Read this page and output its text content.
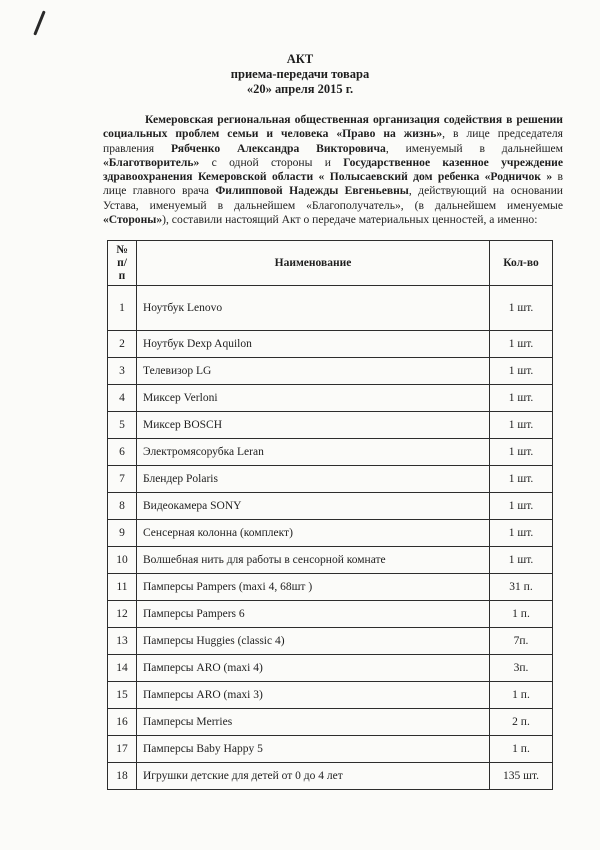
АКТ
приема-передачи товара
«20» апреля 2015 г.
Кемеровская региональная общественная организация содействия в решении социальных проблем семьи и человека «Право на жизнь», в лице председателя правления Рябченко Александра Викторовича, именуемый в дальнейшем «Благотворитель» с одной стороны и Государственное казенное учреждение здравоохранения Кемеровской области « Полысаевский дом ребенка «Родничок » в лице главного врача Филипповой Надежды Евгеньевны, действующий на основании Устава, именуемый в дальнейшем «Благополучатель», (в дальнейшем именуемые «Стороны»), составили настоящий Акт о передаче материальных ценностей, а именно:
№ п/п	Наименование	Кол-во
1	Ноутбук Lenovo	1 шт.
2	Ноутбук Dexp Aquilon	1 шт.
3	Телевизор LG	1 шт.
4	Миксер Verloni	1 шт.
5	Миксер BOSCH	1 шт.
6	Электромясорубка Leran	1 шт.
7	Блендер Polaris	1 шт.
8	Видеокамера SONY	1 шт.
9	Сенсерная колонна (комплект)	1 шт.
10	Волшебная нить для работы в сенсорной комнате	1 шт.
11	Памперсы Pampers (maxi 4, 68шт )	31 п.
12	Памперсы Pampers 6	1 п.
13	Памперсы Huggies (classic 4)	7п.
14	Памперсы ARO (maxi 4)	3п.
15	Памперсы ARO (maxi 3)	1 п.
16	Памперсы Merries	2 п.
17	Памперсы Baby Happy 5	1 п.
18	Игрушки детские для детей от 0 до 4 лет	135 шт.
